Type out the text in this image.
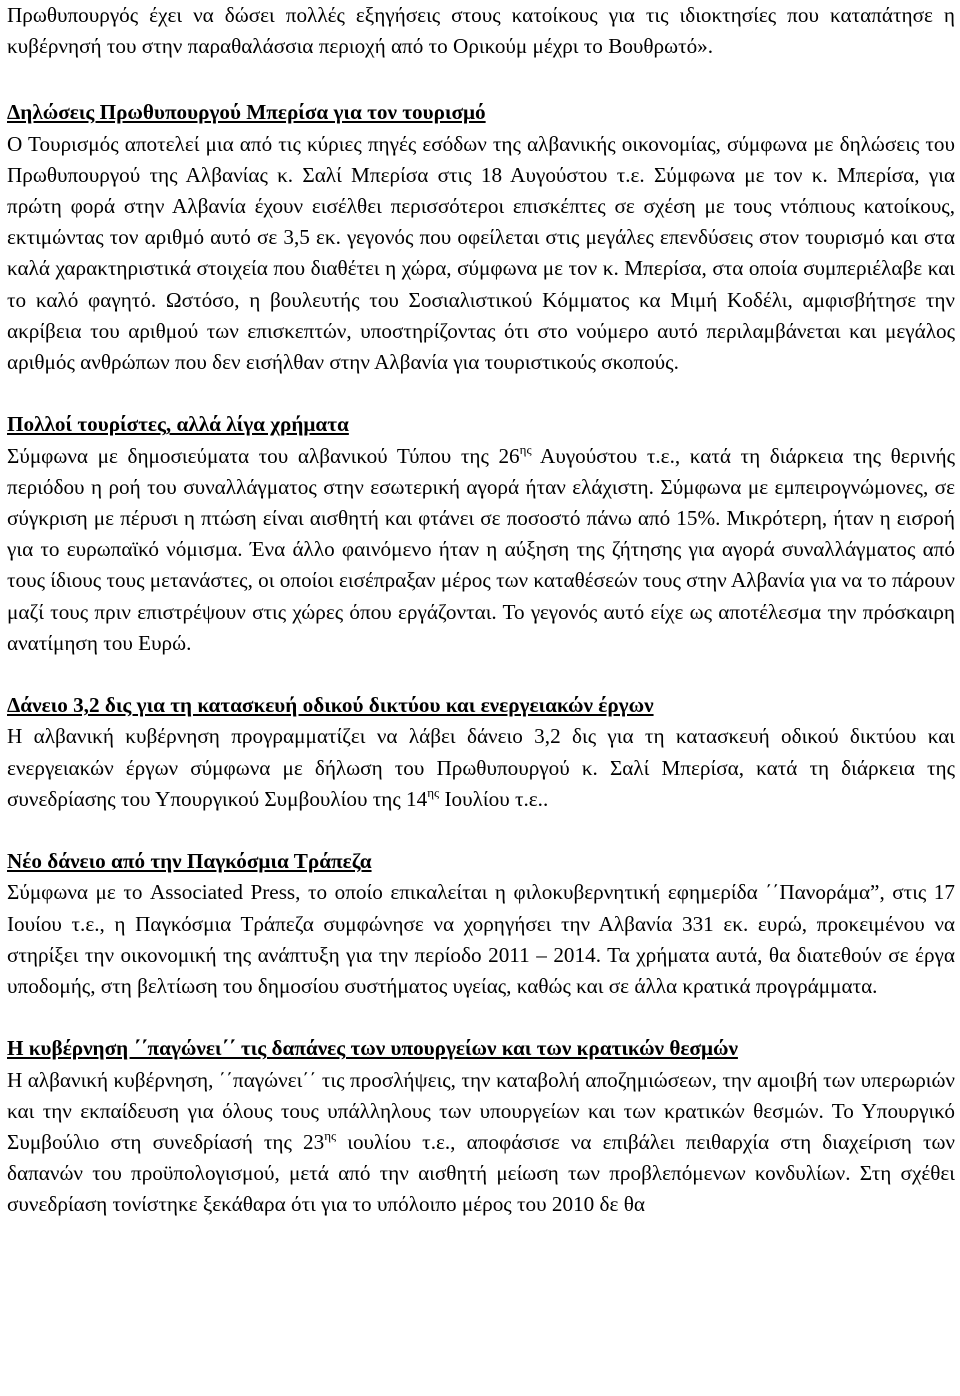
Πρωθυπουργός έχει να δώσει πολλές εξηγήσεις στους κατοίκους για τις ιδιοκτησίες που καταπάτησε η κυβέρνησή του στην παραθαλάσσια περιοχή από το Ορικούμ μέχρι το Βουθρωτό».

Δηλώσεις Πρωθυπουργού Μπερίσα για τον τουρισμό

Ο Τουρισμός αποτελεί μια από τις κύριες πηγές εσόδων της αλβανικής οικονομίας, σύμφωνα με δηλώσεις του Πρωθυπουργού της Αλβανίας κ. Σαλί Μπερίσα στις 18 Αυγούστου τ.ε. Σύμφωνα με τον κ. Μπερίσα, για πρώτη φορά στην Αλβανία έχουν εισέλθει περισσότεροι επισκέπτες σε σχέση με τους ντόπιους κατοίκους, εκτιμώντας τον αριθμό αυτό σε 3,5 εκ. γεγονός που οφείλεται στις μεγάλες επενδύσεις στον τουρισμό και στα καλά χαρακτηριστικά στοιχεία που διαθέτει η χώρα, σύμφωνα με τον κ. Μπερίσα, στα οποία συμπεριέλαβε και το καλό φαγητό. Ωστόσο, η βουλευτής του Σοσιαλιστικού Κόμματος κα Μιμή Κοδέλι, αμφισβήτησε την ακρίβεια του αριθμού των επισκεπτών, υποστηρίζοντας ότι στο νούμερο αυτό περιλαμβάνεται και μεγάλος αριθμός ανθρώπων που δεν εισήλθαν στην Αλβανία για τουριστικούς σκοπούς.

Πολλοί τουρίστες, αλλά λίγα χρήματα

Σύμφωνα με δημοσιεύματα του αλβανικού Τύπου της $26^{\eta\varsigma}$ Αυγούστου τ.ε., κατά τη διάρκεια της θερινής περιόδου η ροή του συναλλάγματος στην εσωτερική αγορά ήταν ελάχιστη. Σύμφωνα με εμπειρογνώμονες, σε σύγκριση με πέρυσι η πτώση είναι αισθητή και φτάνει σε ποσοστό πάνω από 15%. Μικρότερη, ήταν η εισροή για το ευρωπαϊκό νόμισμα. Ένα άλλο φαινόμενο ήταν η αύξηση της ζήτησης για αγορά συναλλάγματος από τους ίδιους τους μετανάστες, οι οποίοι εισέπραξαν μέρος των καταθέσεών τους στην Αλβανία για να το πάρουν μαζί τους πριν επιστρέψουν στις χώρες όπου εργάζονται. Το γεγονός αυτό είχε ως αποτέλεσμα την πρόσκαιρη ανατίμηση του Ευρώ.

Δάνειο 3,2 δις για τη κατασκευή οδικού δικτύου και ενεργειακών έργων

Η αλβανική κυβέρνηση προγραμματίζει να λάβει δάνειο 3,2 δις για τη κατασκευή οδικού δικτύου και ενεργειακών έργων σύμφωνα με δήλωση του Πρωθυπουργού κ. Σαλί Μπερίσα, κατά τη διάρκεια της συνεδρίασης του Υπουργικού Συμβουλίου της $14^{\eta\varsigma}$ Ιουλίου τ.ε..

Νέο δάνειο από την Παγκόσμια Τράπεζα

Σύμφωνα με το Associated Press, το οποίο επικαλείται η φιλοκυβερνητική εφημερίδα ΄΄Πανοράμα”, στις 17 Ιουίου τ.ε., η Παγκόσμια Τράπεζα συμφώνησε να χορηγήσει την Αλβανία 331 εκ. ευρώ, προκειμένου να στηρίξει την οικονομική της ανάπτυξη για την περίοδο 2011 – 2014. Τα χρήματα αυτά, θα διατεθούν σε έργα υποδομής, στη βελτίωση του δημοσίου συστήματος υγείας, καθώς και σε άλλα κρατικά προγράμματα.

Η κυβέρνηση ΄΄παγώνει΄΄ τις δαπάνες των υπουργείων και των κρατικών θεσμών

Η αλβανική κυβέρνηση, ΄΄παγώνει΄΄ τις προσλήψεις, την καταβολή αποζημιώσεων, την αμοιβή των υπερωριών και την εκπαίδευση για όλους τους υπάλληλους των υπουργείων και των κρατικών θεσμών. Το Υπουργικό Συμβούλιο στη συνεδρίασή της $23^{\eta\varsigma}$ ιουλίου τ.ε., αποφάσισε να επιβάλει πειθαρχία στη διαχείριση των δαπανών του προϋπολογισμού, μετά από την αισθητή μείωση των προβλεπόμενων κονδυλίων. Στη σχέθει συνεδρίαση τονίστηκε ξεκάθαρα ότι για το υπόλοιπο μέρος του 2010 δε θα
